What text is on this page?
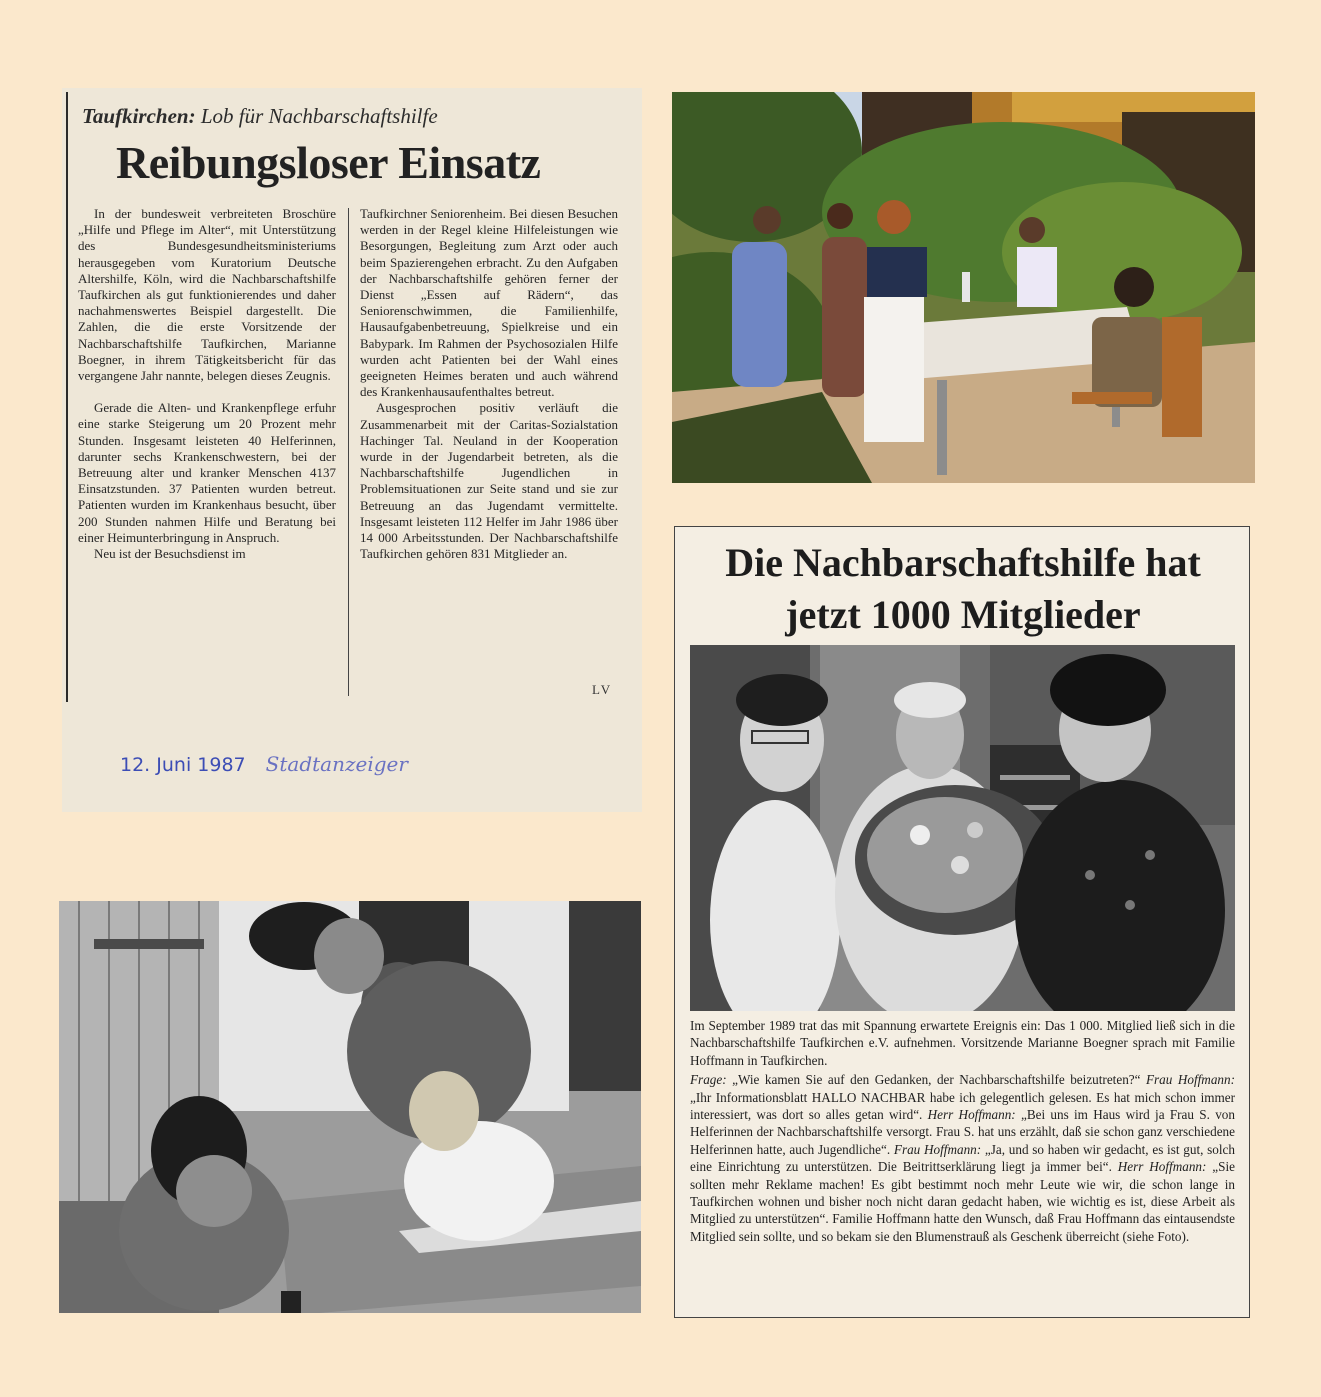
Taufkirchen: Lob für Nachbarschaftshilfe
Reibungsloser Einsatz

In der bundesweit verbreiteten Broschüre „Hilfe und Pflege im Alter“, mit Unterstützung des Bundesgesundheitsministeriums herausgegeben vom Kuratorium Deutsche Altershilfe, Köln, wird die Nachbarschaftshilfe Taufkirchen als gut funktionierendes und daher nachahmenswertes Beispiel dargestellt. Die Zahlen, die die erste Vorsitzende der Nachbarschaftshilfe Taufkirchen, Marianne Boegner, in ihrem Tätigkeitsbericht für das vergangene Jahr nannte, belegen dieses Zeugnis.

Gerade die Alten- und Krankenpflege erfuhr eine starke Steigerung um 20 Prozent mehr Stunden. Insgesamt leisteten 40 Helferinnen, darunter sechs Krankenschwestern, bei der Betreuung alter und kranker Menschen 4137 Einsatzstunden. 37 Patienten wurden betreut. Patienten wurden im Krankenhaus besucht, über 200 Stunden nahmen Hilfe und Beratung bei einer Heimunterbringung in Anspruch.

Neu ist der Besuchsdienst im

Taufkirchner Seniorenheim. Bei diesen Besuchen werden in der Regel kleine Hilfeleistungen wie Besorgungen, Begleitung zum Arzt oder auch beim Spazierengehen erbracht. Zu den Aufgaben der Nachbarschaftshilfe gehören ferner der Dienst „Essen auf Rädern“, das Seniorenschwimmen, die Familienhilfe, Hausaufgabenbetreuung, Spielkreise und ein Babypark. Im Rahmen der Psychosozialen Hilfe wurden acht Patienten bei der Wahl eines geeigneten Heimes beraten und auch während des Krankenhausaufenthaltes betreut.

Ausgesprochen positiv verläuft die Zusammenarbeit mit der Caritas-Sozialstation Hachinger Tal. Neuland in der Kooperation wurde in der Jugendarbeit betreten, als die Nachbarschaftshilfe Jugendlichen in Problemsituationen zur Seite stand und sie zur Betreuung an das Jugendamt vermittelte. Insgesamt leisteten 112 Helfer im Jahr 1986 über 14 000 Arbeitsstunden. Der Nachbarschaftshilfe Taufkirchen gehören 831 Mitglieder an.

LV
12. Juni 1987 Stadtanzeiger
Die Nachbarschaftshilfe hat
jetzt 1000 Mitglieder

Im September 1989 trat das mit Spannung erwartete Ereignis ein: Das 1 000. Mitglied ließ sich in die Nachbarschaftshilfe Taufkirchen e.V. aufnehmen. Vorsitzende Marianne Boegner sprach mit Familie Hoffmann in Taufkirchen.

Frage: „Wie kamen Sie auf den Gedanken, der Nachbarschaftshilfe beizutreten?“ Frau Hoffmann: „Ihr Informationsblatt HALLO NACHBAR habe ich gelegentlich gelesen. Es hat mich schon immer interessiert, was dort so alles getan wird“. Herr Hoffmann: „Bei uns im Haus wird ja Frau S. von Helferinnen der Nachbarschaftshilfe versorgt. Frau S. hat uns erzählt, daß sie schon ganz verschiedene Helferinnen hatte, auch Jugendliche“. Frau Hoffmann: „Ja, und so haben wir gedacht, es ist gut, solch eine Einrichtung zu unterstützen. Die Beitrittserklärung liegt ja immer bei“. Herr Hoffmann: „Sie sollten mehr Reklame machen! Es gibt bestimmt noch mehr Leute wie wir, die schon lange in Taufkirchen wohnen und bisher noch nicht daran gedacht haben, wie wichtig es ist, diese Arbeit als Mitglied zu unterstützen“. Familie Hoffmann hatte den Wunsch, daß Frau Hoffmann das eintausendste Mitglied sein sollte, und so bekam sie den Blumenstrauß als Geschenk überreicht (siehe Foto).
